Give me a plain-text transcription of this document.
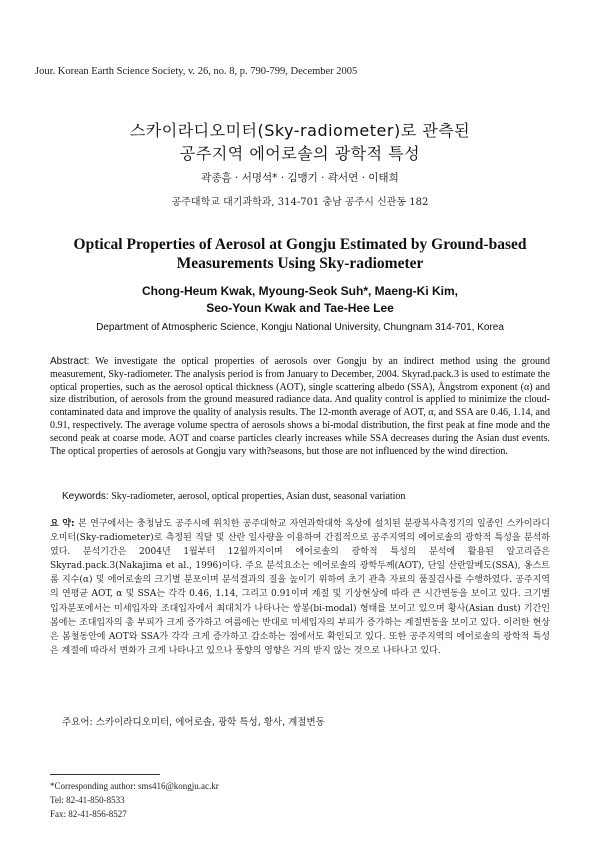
Jour. Korean Earth Science Society, v. 26, no. 8, p. 790-799, December 2005
스카이라디오미터(Sky-radiometer)로 관측된
공주지역 에어로솔의 광학적 특성
곽종흠 · 서명석* · 김맹기 · 곽서연 · 이태희
공주대학교 대기과학과, 314-701 충남 공주시 신관동 182
Optical Properties of Aerosol at Gongju Estimated by Ground-based
Measurements Using Sky-radiometer
Chong-Heum Kwak, Myoung-Seok Suh*, Maeng-Ki Kim,
Seo-Youn Kwak and Tae-Hee Lee
Department of Atmospheric Science, Kongju National University, Chungnam 314-701, Korea
Abstract: We investigate the optical properties of aerosols over Gongju by an indirect method using the ground measurement, Sky-radiometer. The analysis period is from January to December, 2004. Skyrad.pack.3 is used to estimate the optical properties, such as the aerosol optical thickness (AOT), single scattering albedo (SSA), Ångstrom exponent (α) and size distribution, of aerosols from the ground measured radiance data. And quality control is applied to minimize the cloud-contaminated data and improve the quality of analysis results. The 12-month average of AOT, α, and SSA are 0.46, 1.14, and 0.91, respectively. The average volume spectra of aerosols shows a bi-modal distribution, the first peak at fine mode and the second peak at coarse mode. AOT and coarse particles clearly increases while SSA decreases during the Asian dust events. The optical properties of aerosols at Gongju vary with?seasons, but those are not influenced by the wind direction.
Keywords: Sky-radiometer, aerosol, optical properties, Asian dust, seasonal variation
요 약: 본 연구에서는 충청남도 공주시에 위치한 공주대학교 자연과학대학 옥상에 설치된 분광복사측정기의 일종인 스카이라디오미터(Sky-radiometer)로 측정된 직달 및 산란 일사량을 이용하여 간접적으로 공주지역의 에어로솔의 광학적 특성을 분석하였다. 분석기간은 2004년 1월부터 12월까지이며 에어로솔의 광학적 특성의 분석에 활용된 알고리즘은 Skyrad.pack.3(Nakajima et al., 1996)이다. 주요 분석요소는 에어로솔의 광학두께(AOT), 단일 산란알베도(SSA), 옹스트롬 지수(α) 및 에어로솔의 크기별 분포이며 분석결과의 질을 높이기 위하여 초기 관측 자료의 품질검사를 수행하였다. 공주지역의 연평균 AOT, α 및 SSA는 각각 0.46, 1.14, 그리고 0.91이며 계절 및 기상현상에 따라 큰 시간변동을 보이고 있다. 크기별 입자분포에서는 미세입자와 조대입자에서 최대치가 나타나는 쌍봉(bi-modal) 형태를 보이고 있으며 황사(Asian dust) 기간인 봄에는 조대입자의 총 부피가 크게 증가하고 여름에는 반대로 미세입자의 부피가 증가하는 계절변동을 보이고 있다. 이러한 현상은 봄철동안에 AOT와 SSA가 각각 크게 증가하고 감소하는 점에서도 확인되고 있다. 또한 공주지역의 에어로솔의 광학적 특성은 계절에 따라서 변화가 크게 나타나고 있으나 풍향의 영향은 거의 받지 않는 것으로 나타나고 있다.
주요어: 스카이라디오미터, 에어로솔, 광학 특성, 황사, 계절변동
*Corresponding author: sms416@kongju.ac.kr
Tel: 82-41-850-8533
Fax: 82-41-856-8527
